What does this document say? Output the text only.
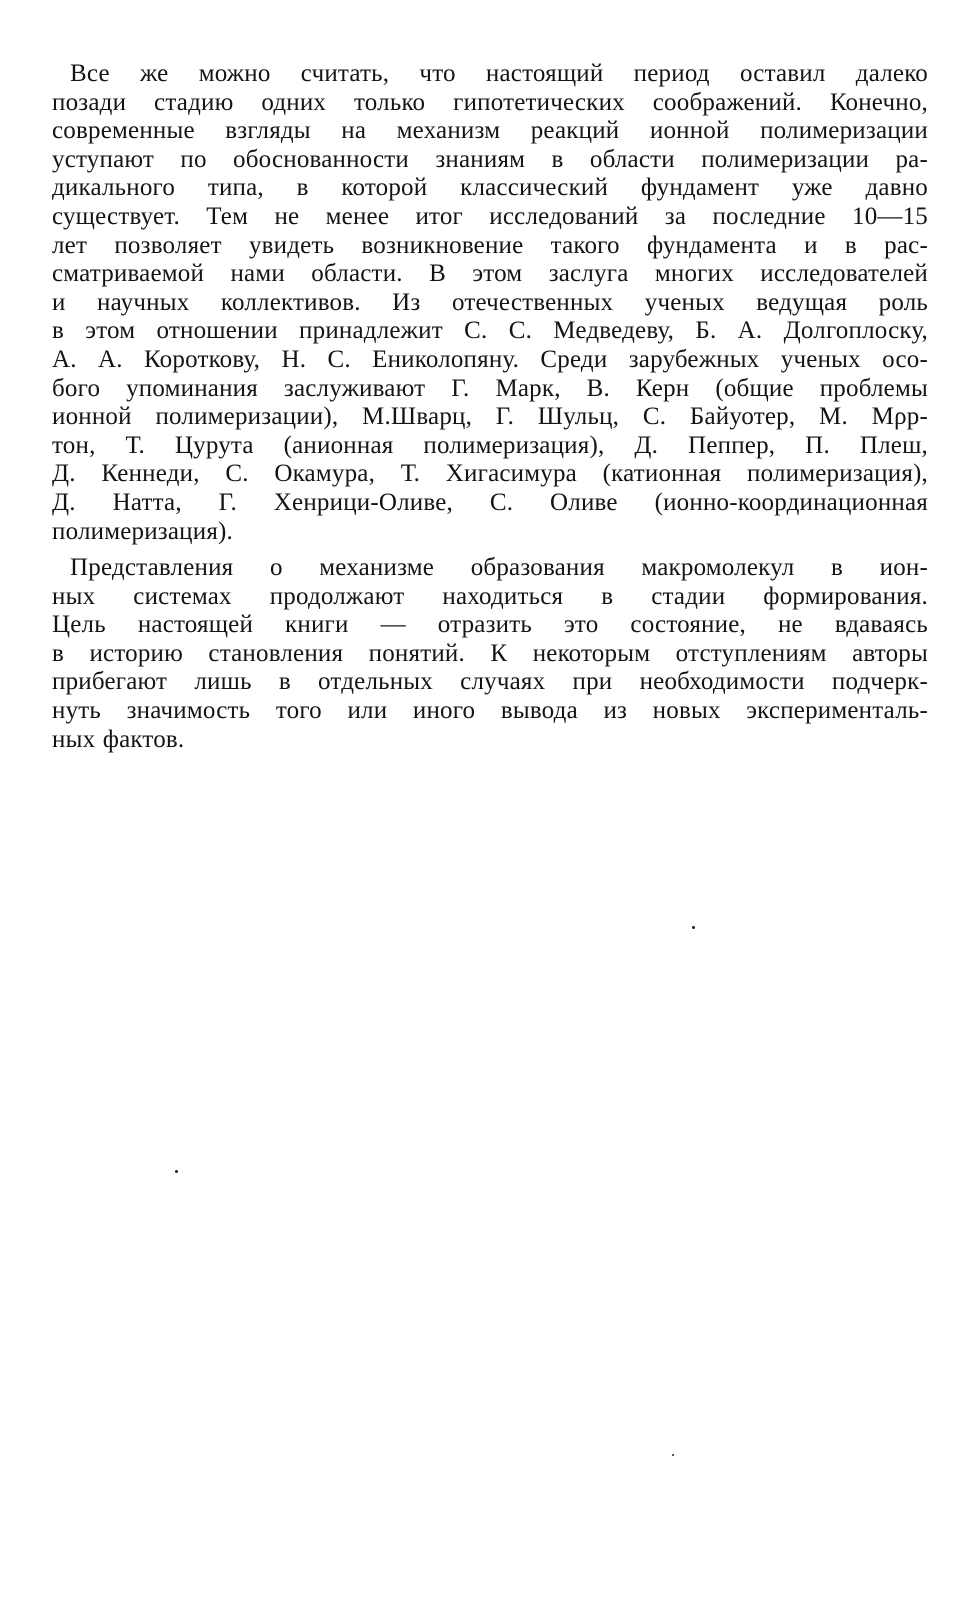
Все же можно считать, что настоящий период оставил далеко
позади стадию одних только гипотетических соображений. Конечно,
современные взгляды на механизм реакций ионной полимеризации
уступают по обоснованности знаниям в области полимеризации ра-
дикального типа, в которой классический фундамент уже давно
существует. Тем не менее итог исследований за последние 10—15
лет позволяет увидеть возникновение такого фундамента и в рас-
сматриваемой нами области. В этом заслуга многих исследователей
и научных коллективов. Из отечественных ученых ведущая роль
в этом отношении принадлежит С. С. Медведеву, Б. А. Долгоплоску,
А. А. Короткову, Н. С. Ениколопяну. Среди зарубежных ученых осо-
бого упоминания заслуживают Г. Марк, В. Керн (общие проблемы
ионной полимеризации), М.Шварц, Г. Шульц, С. Байуотер, М. Мρр-
тон, Т. Цурута (анионная полимеризация), Д. Пеппер, П. Плеш,
Д. Кеннеди, С. Окамура, Т. Хигасимура (катионная полимеризация),
Д. Натта, Г. Хенрици-Оливе, С. Оливе (ионно-координационная
полимеризация).
Представления о механизме образования макромолекул в ион-
ных системах продолжают находиться в стадии формирования.
Цель настоящей книги — отразить это состояние, не вдаваясь
в историю становления понятий. К некоторым отступлениям авторы
прибегают лишь в отдельных случаях при необходимости подчерк-
нуть значимость того или иного вывода из новых эксперименталь-
ных фактов.
